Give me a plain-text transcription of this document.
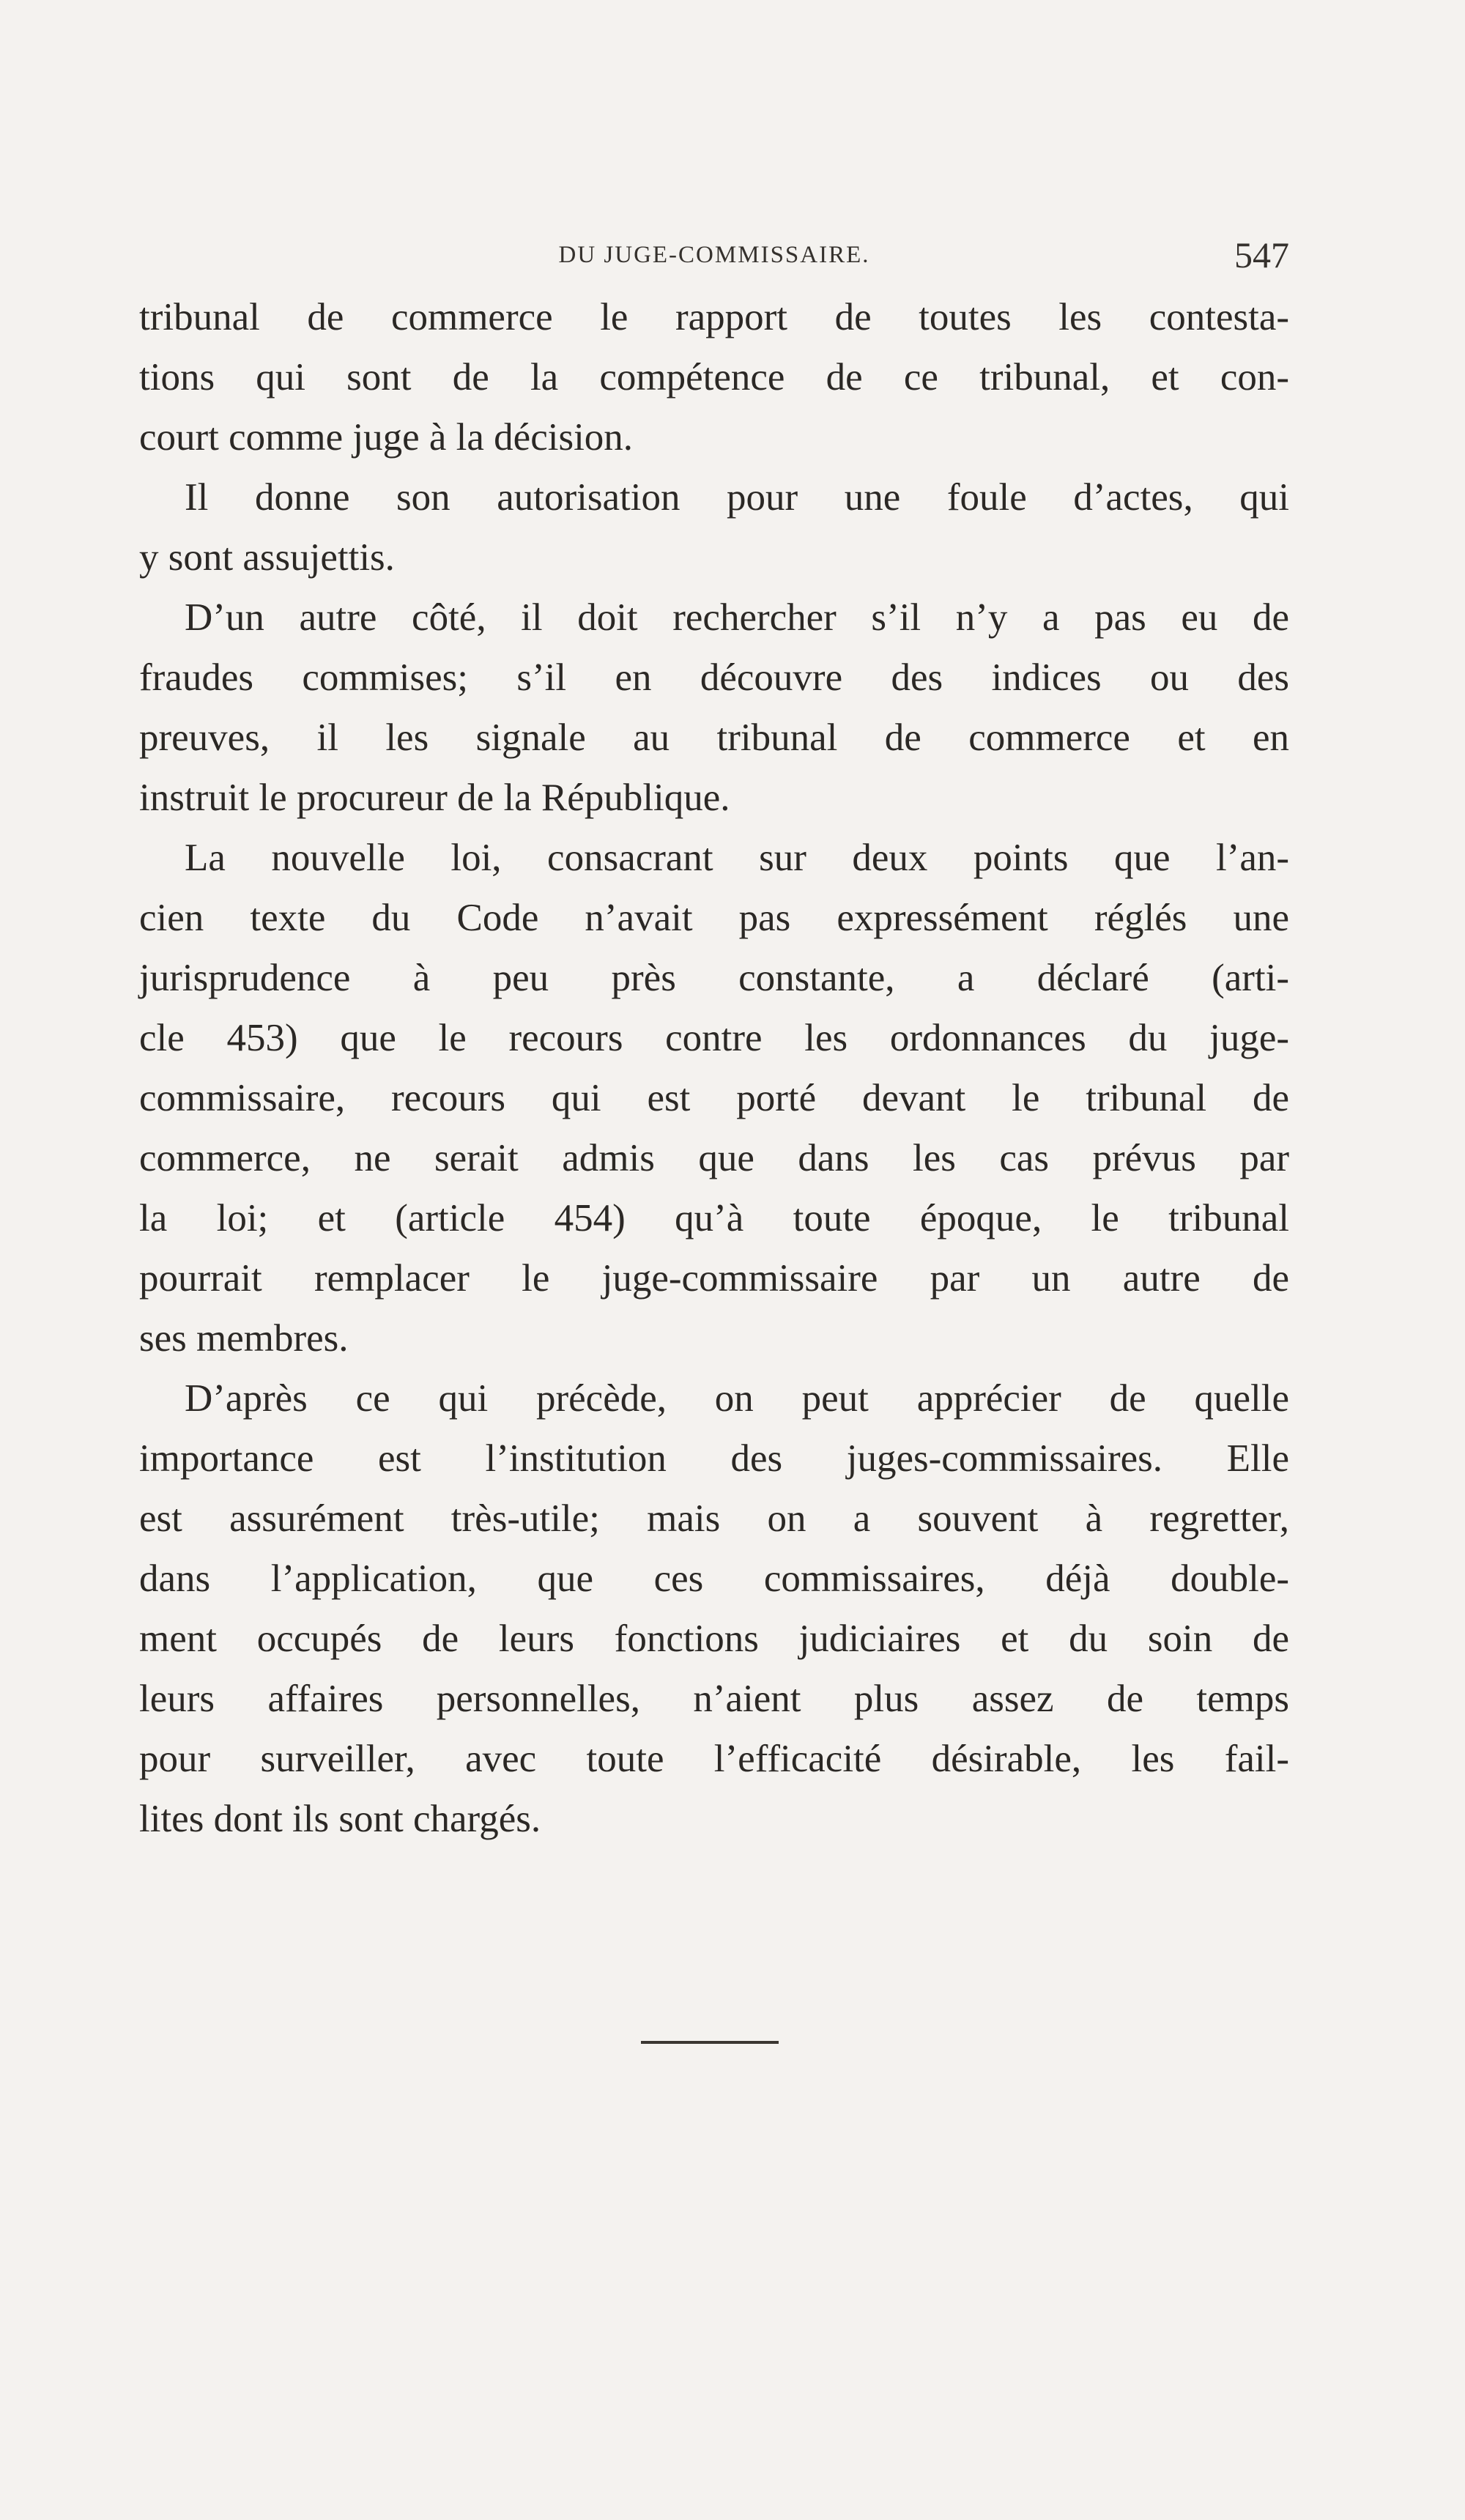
DU JUGE-COMMISSAIRE.	547
tribunal de commerce le rapport de toutes les contesta-
tions qui sont de la compétence de ce tribunal, et con-
court comme juge à la décision.
Il donne son autorisation pour une foule d’actes, qui
y sont assujettis.
D’un autre côté, il doit rechercher s’il n’y a pas eu de
fraudes commises; s’il en découvre des indices ou des
preuves, il les signale au tribunal de commerce et en
instruit le procureur de la République.
La nouvelle loi, consacrant sur deux points que l’an-
cien texte du Code n’avait pas expressément réglés une
jurisprudence à peu près constante, a déclaré (arti-
cle 453) que le recours contre les ordonnances du juge-
commissaire, recours qui est porté devant le tribunal de
commerce, ne serait admis que dans les cas prévus par
la loi; et (article 454) qu’à toute époque, le tribunal
pourrait remplacer le juge-commissaire par un autre de
ses membres.
D’après ce qui précède, on peut apprécier de quelle
importance est l’institution des juges-commissaires. Elle
est assurément très-utile; mais on a souvent à regretter,
dans l’application, que ces commissaires, déjà double-
ment occupés de leurs fonctions judiciaires et du soin de
leurs affaires personnelles, n’aient plus assez de temps
pour surveiller, avec toute l’efficacité désirable, les fail-
lites dont ils sont chargés.
